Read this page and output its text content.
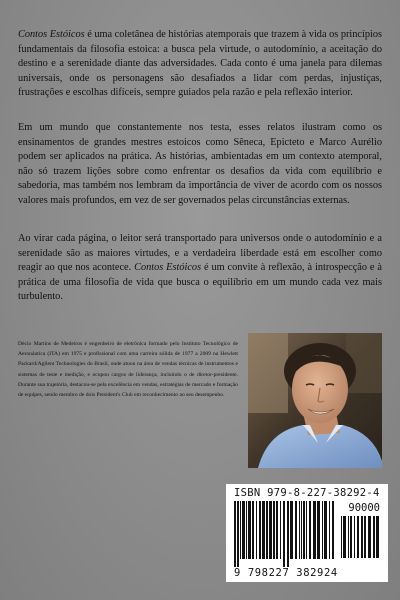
Contos Estóicos é uma coletânea de histórias atemporais que trazem à vida os princípios fundamentais da filosofia estoica: a busca pela virtude, o autodomínio, a aceitação do destino e a serenidade diante das adversidades. Cada conto é uma janela para dilemas universais, onde os personagens são desafiados a lidar com perdas, injustiças, frustrações e escolhas difíceis, sempre guiados pela razão e pela reflexão interior.

Em um mundo que constantemente nos testa, esses relatos ilustram como os ensinamentos de grandes mestres estoicos como Sêneca, Epicteto e Marco Aurélio podem ser aplicados na prática. As histórias, ambientadas em um contexto atemporal, não só trazem lições sobre como enfrentar os desafios da vida com equilíbrio e sabedoria, mas também nos lembram da importância de viver de acordo com os nossos valores mais profundos, em vez de ser governados pelas circunstâncias externas.

Ao virar cada página, o leitor será transportado para universos onde o autodomínio e a serenidade são as maiores virtudes, e a verdadeira liberdade está em escolher como reagir ao que nos acontece. Contos Estóicos é um convite à reflexão, à introspecção e à prática de uma filosofia de vida que busca o equilíbrio em um mundo cada vez mais turbulento.

Décio Martins de Medeiros é engenheiro de eletrônica formado pelo Instituto Tecnológico de Aeronáutica (ITA) em 1975 e profissional com uma carreira sólida de 1977 a 2009 na Hewlett Packard/Agilent Technologies do Brasil, onde atuou na área de vendas técnicas de instrumentos e sistemas de teste e medição, e ocupou cargos de liderança, incluindo o de diretor-presidente. Durante sua trajetória, destacou-se pela excelência em vendas, estratégias de mercado e formação de equipes, sendo membro de dois President's Club em reconhecimento ao seu desempenho.

ISBN 979-8-227-38292-4
90000
9 798227 382924
